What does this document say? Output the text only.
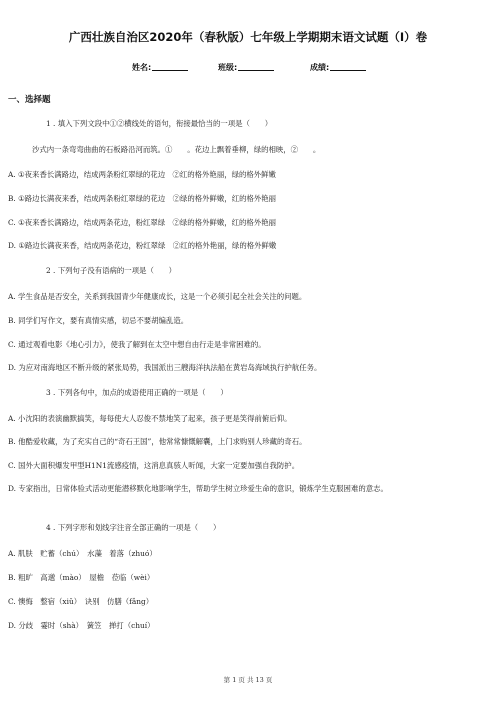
广西壮族自治区2020年（春秋版）七年级上学期期末语文试题（I）卷
姓名:	班级:	成绩:
一、选择题
1 . 填入下列文段中①②横线处的语句，衔接最恰当的一项是（　　）
沙式内一条弯弯曲曲的石板路沿河而筑。①　　。花边上飘着垂柳，绿的相映，②　　。
A. ①夜来香长满路边，结成两条粉红翠绿的花边　②红的格外艳丽，绿的格外鲜嫩
B. ①路边长满夜来香，结成两条粉红翠绿的花边　②绿的格外鲜嫩，红的格外艳丽
C. ①夜来香长满路边，结成两条花边，粉红翠绿　②绿的格外鲜嫩，红的格外艳丽
D. ①路边长满夜来香，结成两条花边，粉红翠绿　②红的格外艳丽，绿的格外鲜嫩
2 . 下列句子没有语病的一项是（　　）
A. 学生食品是否安全，关系到我国青少年健康成长，这是一个必须引起全社会关注的问题。
B. 同学们写作文，要有真情实感，切忌不要胡编乱造。
C. 通过观看电影《地心引力》，使我了解到在太空中想自由行走是非常困难的。
D. 为应对南海地区不断升级的紧张局势，我国派出三艘海洋执法船在黄岩岛海域执行护航任务。
3 . 下列各句中，加点的成语使用正确的一项是（　　）
A. 小沈阳的表演幽默搞笑，每每使大人忍俊不禁地笑了起来，孩子更是笑得前俯后仰。
B. 他酷爱收藏，为了充实自己的“奇石王国”，他常常慷慨解囊，上门求购别人珍藏的奇石。
C. 国外大面积爆发甲型H1N1流感疫情，这消息真骇人听闻，大家一定要加强自我防护。
D. 专家指出，日常体验式活动更能潜移默化地影响学生，帮助学生树立珍爱生命的意识，锻炼学生克服困难的意志。
4 . 下列字形和划线字注音全部正确的一项是（　　）
A. 肌肤　贮蓄（chú）　水藻　着落（zhuó）
B. 粗旷　高邈（mào）　屋檐　莅临（wèi）
C. 懊悔　整宿（xiǔ）　诀别　仿膳（fǎng）
D. 分歧　霎时（shà）　簧笠　掸打（chuí）
第 1 页 共 13 页
